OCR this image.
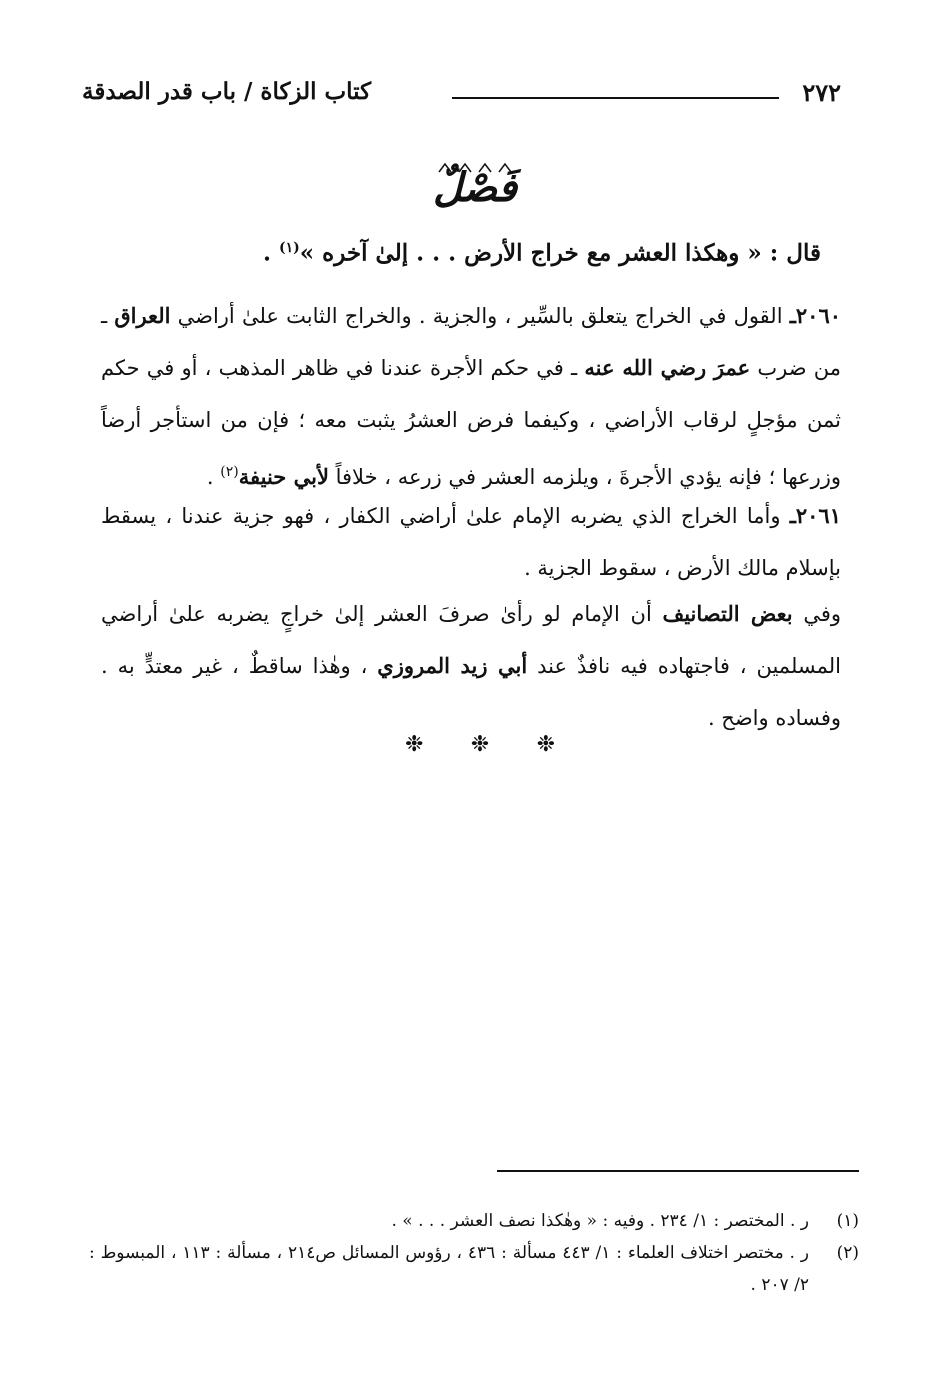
٢٧٢
كتاب الزكاة / باب قدر الصدقة
فَصْلٌ
قال : « وهكذا العشر مع خراج الأرض . . . إلىٰ آخره »$^{(١)}$ .
٢٠٦٠ـ القول في الخراج يتعلق بالسِّير ، والجزية . والخراج الثابت علىٰ أراضي العراق ـ من ضرب عمرَ رضي الله عنه ـ في حكم الأجرة عندنا في ظاهر المذهب ، أو في حكم ثمن مؤجلٍ لرقاب الأراضي ، وكيفما فرض العشرُ يثبت معه ؛ فإن من استأجر أرضاً وزرعها ؛ فإنه يؤدي الأجرةَ ، ويلزمه العشر في زرعه ، خلافاً لأبي حنيفة$^{(٢)}$ .
٢٠٦١ـ وأما الخراج الذي يضربه الإمام علىٰ أراضي الكفار ، فهو جزية عندنا ، يسقط بإسلام مالك الأرض ، سقوط الجزية .
وفي بعض التصانيف أن الإمام لو رأىٰ صرفَ العشر إلىٰ خراجٍ يضربه علىٰ أراضي المسلمين ، فاجتهاده فيه نافذٌ عند أبي زيد المروزي ، وهٰذا ساقطٌ ، غير معتدٍّ به . وفساده واضح .
❉ ❉ ❉
(١)
ر . المختصر : ١/ ٢٣٤ . وفيه : « وهٰكذا نصف العشر . . . » .
(٢)
ر . مختصر اختلاف العلماء : ١/ ٤٤٣ مسألة : ٤٣٦ ، رؤوس المسائل ص٢١٤ ، مسألة : ١١٣ ، المبسوط : ٢/ ٢٠٧ .
